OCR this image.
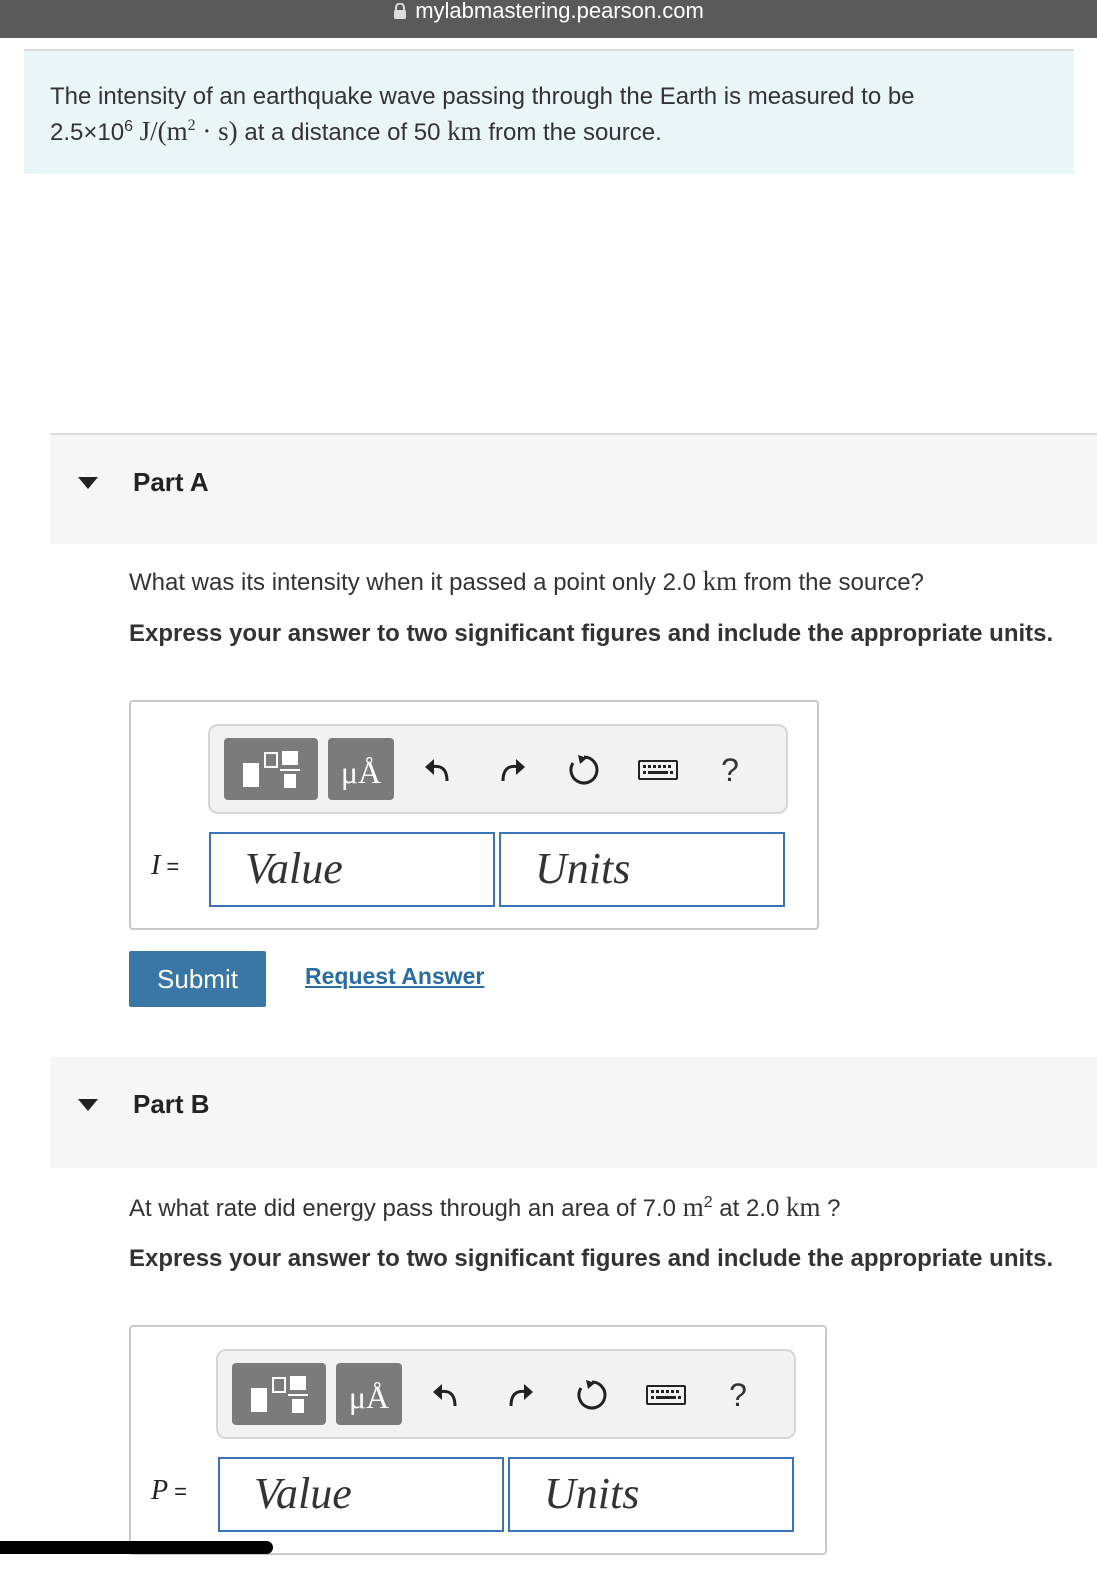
mylabmastering.pearson.com
The intensity of an earthquake wave passing through the Earth is measured to be
$2.5\times 10^6$ $J/(m^2 \cdot s)$ at a distance of 50 km from the source.
Part A
What was its intensity when it passed a point only 2.0 km from the source?
Express your answer to two significant figures and include the appropriate units.
μÅ	?
I =	Value	Units
Submit	Request Answer
Part B
At what rate did energy pass through an area of 7.0 $m^2$ at 2.0 km ?
Express your answer to two significant figures and include the appropriate units.
μÅ	?
P =	Value	Units
